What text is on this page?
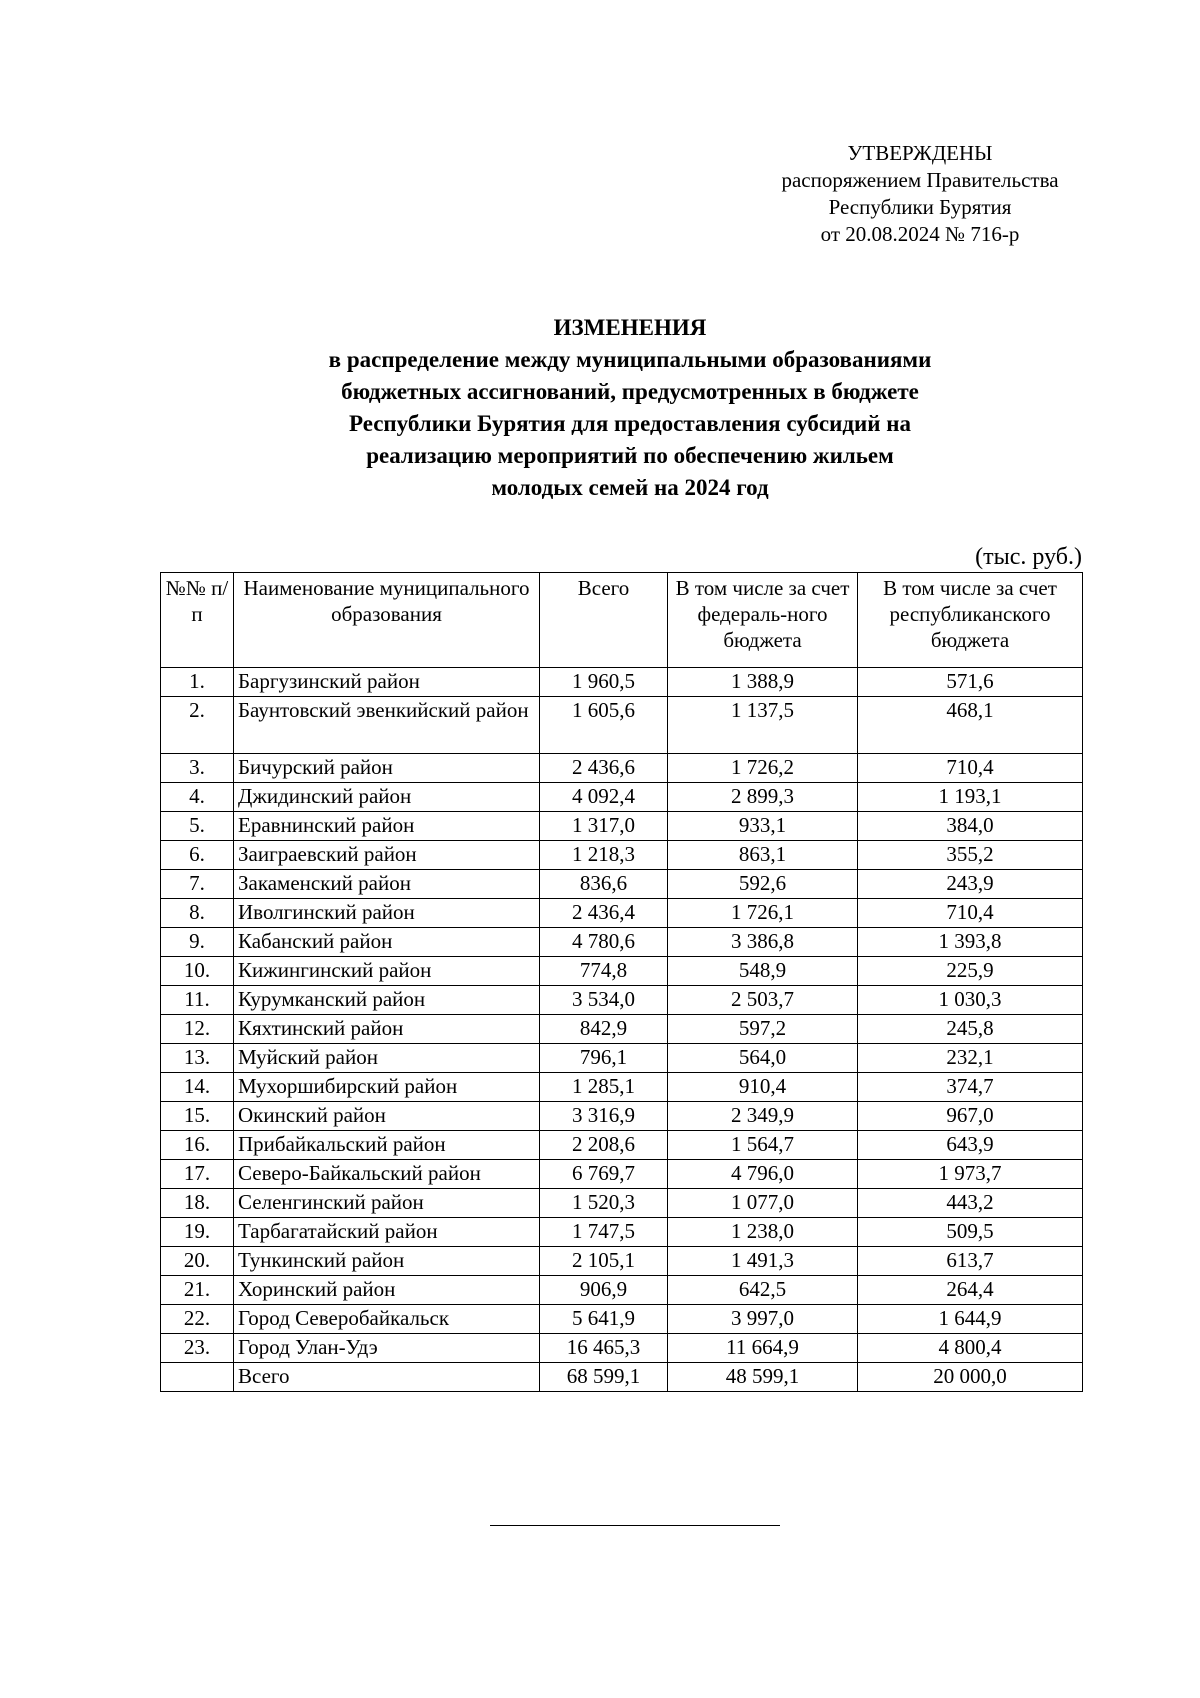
УТВЕРЖДЕНЫ
распоряжением Правительства
Республики Бурятия
от 20.08.2024 № 716-р
ИЗМЕНЕНИЯ
в распределение между муниципальными образованиями
бюджетных ассигнований, предусмотренных в бюджете
Республики Бурятия для предоставления субсидий на
реализацию мероприятий по обеспечению жильем
молодых семей на 2024 год
(тыс. руб.)
№№ п/п	Наименование муниципального образования	Всего	В том числе за счет федераль-ного бюджета	В том числе за счет республиканского бюджета
1.	Баргузинский район	1 960,5	1 388,9	571,6
2.	Баунтовский эвенкийский район	1 605,6	1 137,5	468,1
3.	Бичурский район	2 436,6	1 726,2	710,4
4.	Джидинский район	4 092,4	2 899,3	1 193,1
5.	Еравнинский район	1 317,0	933,1	384,0
6.	Заиграевский район	1 218,3	863,1	355,2
7.	Закаменский район	836,6	592,6	243,9
8.	Иволгинский район	2 436,4	1 726,1	710,4
9.	Кабанский район	4 780,6	3 386,8	1 393,8
10.	Кижингинский район	774,8	548,9	225,9
11.	Курумканский район	3 534,0	2 503,7	1 030,3
12.	Кяхтинский район	842,9	597,2	245,8
13.	Муйский район	796,1	564,0	232,1
14.	Мухоршибирский район	1 285,1	910,4	374,7
15.	Окинский район	3 316,9	2 349,9	967,0
16.	Прибайкальский район	2 208,6	1 564,7	643,9
17.	Северо-Байкальский район	6 769,7	4 796,0	1 973,7
18.	Селенгинский район	1 520,3	1 077,0	443,2
19.	Тарбагатайский район	1 747,5	1 238,0	509,5
20.	Тункинский район	2 105,1	1 491,3	613,7
21.	Хоринский район	906,9	642,5	264,4
22.	Город Северобайкальск	5 641,9	3 997,0	1 644,9
23.	Город Улан-Удэ	16 465,3	11 664,9	4 800,4
	Всего	68 599,1	48 599,1	20 000,0
